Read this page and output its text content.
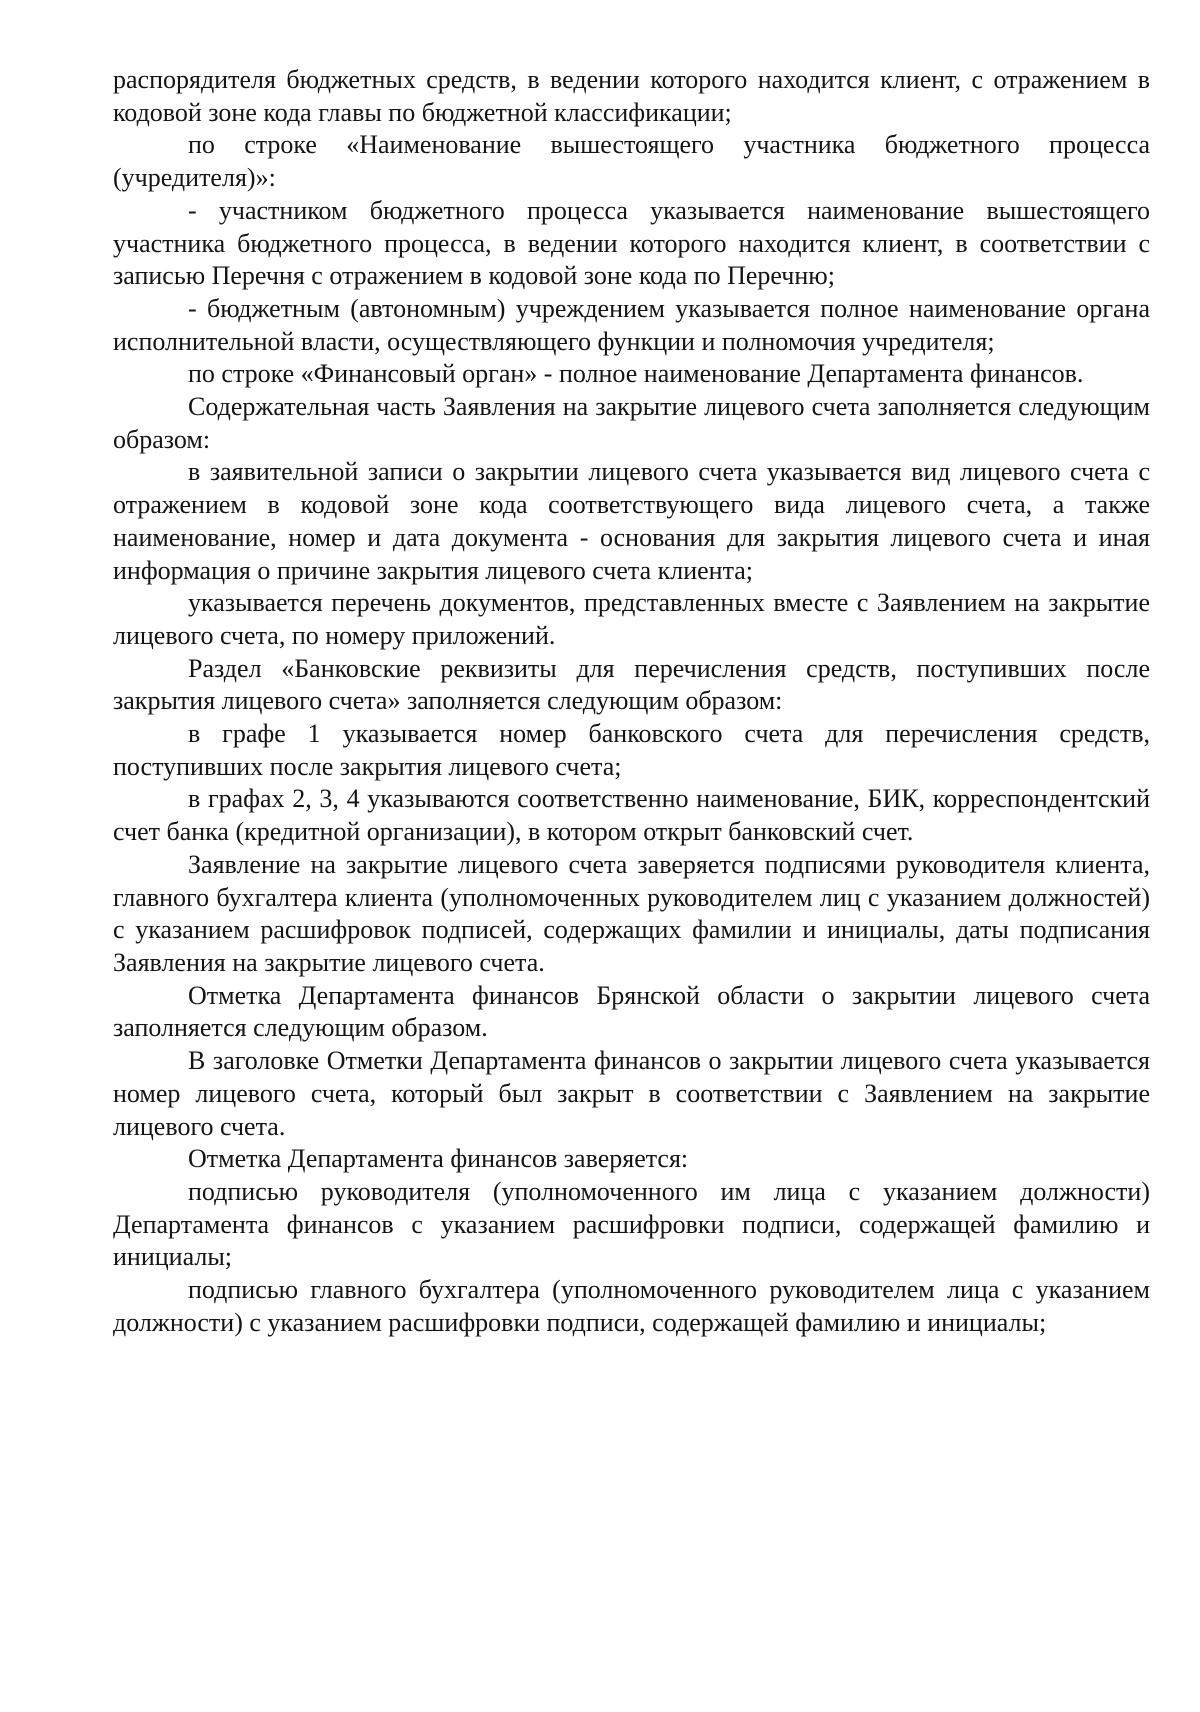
распорядителя бюджетных средств, в ведении которого находится клиент, с отражением в кодовой зоне кода главы по бюджетной классификации;

по строке «Наименование вышестоящего участника бюджетного процесса (учредителя)»:

- участником бюджетного процесса указывается наименование вышестоящего участника бюджетного процесса, в ведении которого находится клиент, в соответствии с записью Перечня с отражением в кодовой зоне кода по Перечню;

- бюджетным (автономным) учреждением указывается полное наименование органа исполнительной власти, осуществляющего функции и полномочия учредителя;

по строке «Финансовый орган» - полное наименование Департамента финансов.

Содержательная часть Заявления на закрытие лицевого счета заполняется следующим образом:

в заявительной записи о закрытии лицевого счета указывается вид лицевого счета с отражением в кодовой зоне кода соответствующего вида лицевого счета, а также наименование, номер и дата документа - основания для закрытия лицевого счета и иная информация о причине закрытия лицевого счета клиента;

указывается перечень документов, представленных вместе с Заявлением на закрытие лицевого счета, по номеру приложений.

Раздел «Банковские реквизиты для перечисления средств, поступивших после закрытия лицевого счета» заполняется следующим образом:

в графе 1 указывается номер банковского счета для перечисления средств, поступивших после закрытия лицевого счета;

в графах 2, 3, 4 указываются соответственно наименование, БИК, корреспондентский счет банка (кредитной организации), в котором открыт банковский счет.

Заявление на закрытие лицевого счета заверяется подписями руководителя клиента, главного бухгалтера клиента (уполномоченных руководителем лиц с указанием должностей) с указанием расшифровок подписей, содержащих фамилии и инициалы, даты подписания Заявления на закрытие лицевого счета.

Отметка Департамента финансов Брянской области о закрытии лицевого счета заполняется следующим образом.

В заголовке Отметки Департамента финансов о закрытии лицевого счета указывается номер лицевого счета, который был закрыт в соответствии с Заявлением на закрытие лицевого счета.

Отметка Департамента финансов заверяется:

подписью руководителя (уполномоченного им лица с указанием должности) Департамента финансов с указанием расшифровки подписи, содержащей фамилию и инициалы;

подписью главного бухгалтера (уполномоченного руководителем лица с указанием должности) с указанием расшифровки подписи, содержащей фамилию и инициалы;
